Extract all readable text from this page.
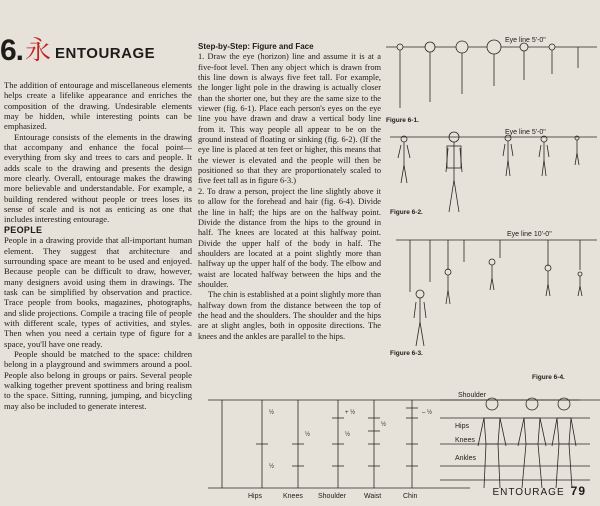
6. 永 ENTOURAGE

The addition of entourage and miscellaneous elements helps create a lifelike appearance and enriches the composition of the drawing. Undesirable elements may be hidden, while interesting points can be emphasized.

Entourage consists of the elements in the drawing that accompany and enhance the focal point—everything from sky and trees to cars and people. It adds scale to the drawing and presents the design more clearly. Overall, entourage makes the drawing more believable and understandable. For example, a building rendered without people or trees loses its sense of scale and is not as enticing as one that includes interesting entourage.

PEOPLE

People in a drawing provide that all-important human element. They suggest that architecture and surrounding space are meant to be used and enjoyed. Because people can be difficult to draw, however, many designers avoid using them in drawings. The task can be simplified by observation and practice. Trace people from books, magazines, photographs, and slide projections. Compile a tracing file of people with different scale, types of activities, and styles. Then when you need a certain type of figure for a space, you'll have one ready.

People should be matched to the space: children belong in a playground and swimmers around a pool. People also belong in groups or pairs. Several people walking together prevent spottiness and bring realism to the space. Sitting, running, jumping, and bicycling may also be included to generate interest.

Step-by-Step: Figure and Face

1. Draw the eye (horizon) line and assume it is at a five-foot level. Then any object which is drawn from this line down is always five feet tall. For example, the longer light pole in the drawing is actually closer than the shorter one, but they are the same size to the viewer (fig. 6-1). Place each person's eyes on the eye line you have drawn and draw a vertical body line from it. This way people all appear to be on the ground instead of floating or sinking (fig. 6-2). (If the eye line is placed at ten feet or higher, this means that the viewer is elevated and the people will then be positioned so that they are proportionately scaled to five feet tall as in figure 6-3.)

2. To draw a person, project the line slightly above it to allow for the forehead and hair (fig. 6-4). Divide the line in half; the hips are on the halfway point. Divide the distance from the hips to the ground in half. The knees are located at this halfway point. Divide the upper half of the body in half. The shoulders are located at a point slightly more than halfway up the upper half of the body. The elbow and waist are located halfway between the hips and the shoulder.

The chin is established at a point slightly more than halfway down from the distance between the top of the head and the shoulders. The shoulder and the hips are at slight angles, both in opposite directions. The knees and the ankles are parallel to the hips.

Eye line 5'-0"
Eye line 5'-0"
Eye line 10'-0"
½
½
½
+ ½
½
½
– ½
Hips	Knees Shoulder	Waist	Chin
Shoulder
Hips
Knees
Ankles
Figure 6-1.
Figure 6-2.
Figure 6-3.
Figure 6-4.
ENTOURAGE 79
